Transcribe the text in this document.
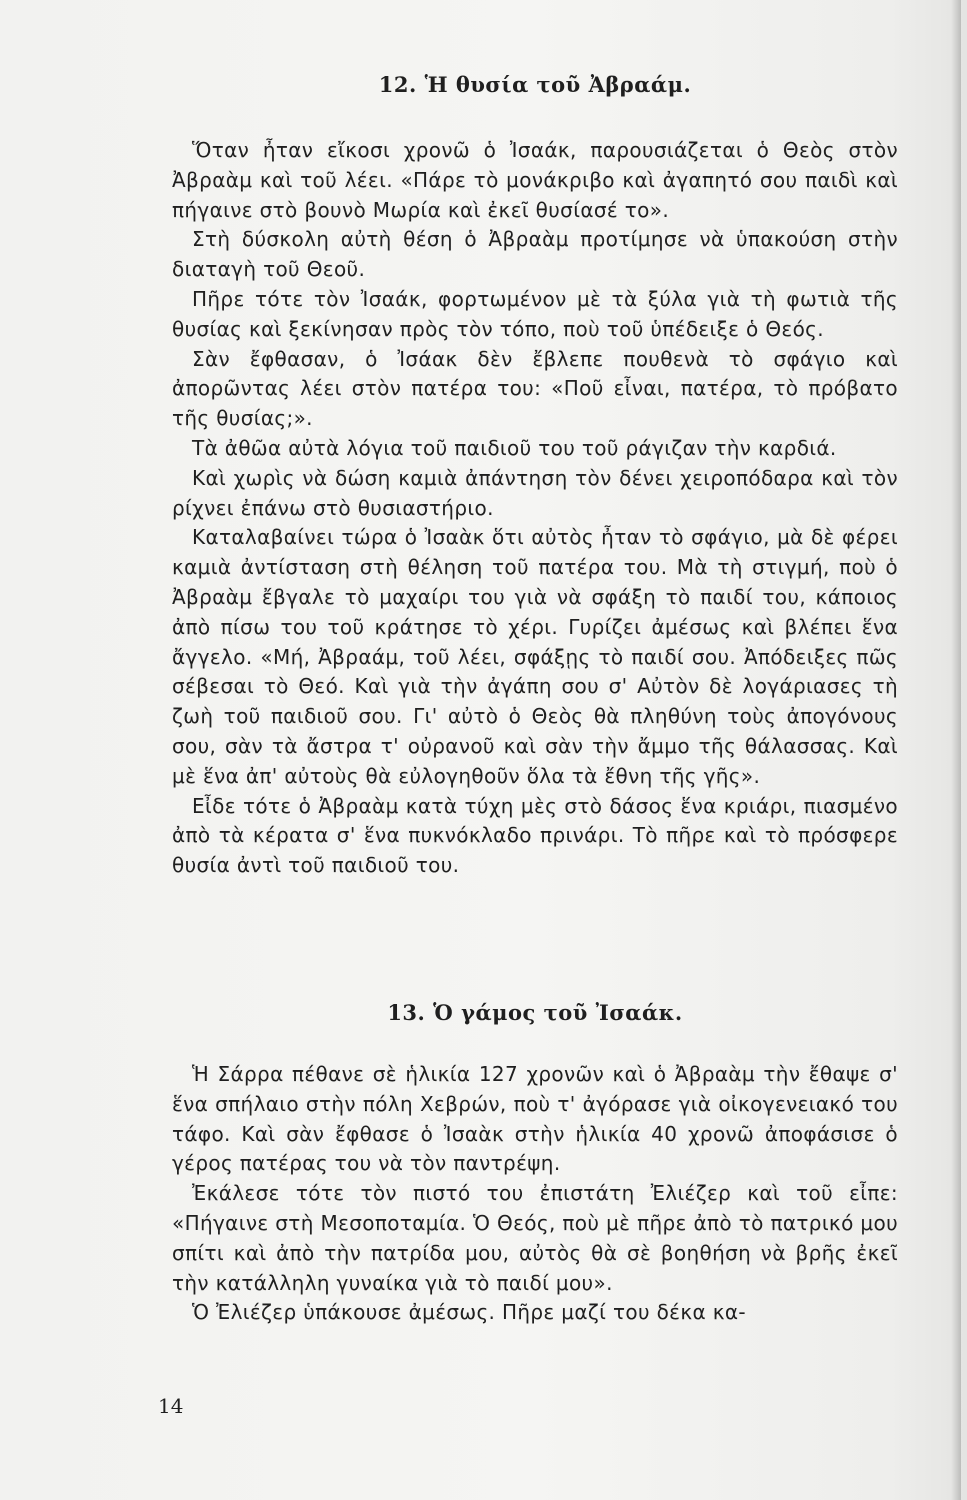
12. Ἡ θυσία τοῦ Ἀβραάμ.

Ὅταν ἦταν εἴκοσι χρονῶ ὁ Ἰσαάκ, παρουσιάζεται ὁ Θεὸς στὸν Ἀβραὰμ καὶ τοῦ λέει. «Πάρε τὸ μονάκριβο καὶ ἀγαπητό σου παιδὶ καὶ πήγαινε στὸ βουνὸ Μωρία καὶ ἐκεῖ θυσίασέ το».

Στὴ δύσκολη αὐτὴ θέση ὁ Ἀβραὰμ προτίμησε νὰ ὑπακούση στὴν διαταγὴ τοῦ Θεοῦ.

Πῆρε τότε τὸν Ἰσαάκ, φορτωμένον μὲ τὰ ξύλα γιὰ τὴ φωτιὰ τῆς θυσίας καὶ ξεκίνησαν πρὸς τὸν τόπο, ποὺ τοῦ ὑπέδειξε ὁ Θεός.

Σὰν ἔφθασαν, ὁ Ἰσάακ δὲν ἔβλεπε πουθενὰ τὸ σφάγιο καὶ ἀπορῶντας λέει στὸν πατέρα του: «Ποῦ εἶναι, πατέρα, τὸ πρόβατο τῆς θυσίας;».

Τὰ ἀθῶα αὐτὰ λόγια τοῦ παιδιοῦ του τοῦ ράγιζαν τὴν καρδιά.

Καὶ χωρὶς νὰ δώση καμιὰ ἀπάντηση τὸν δένει χειροπόδαρα καὶ τὸν ρίχνει ἐπάνω στὸ θυσιαστήριο.

Καταλαβαίνει τώρα ὁ Ἰσαὰκ ὅτι αὐτὸς ἦταν τὸ σφάγιο, μὰ δὲ φέρει καμιὰ ἀντίσταση στὴ θέληση τοῦ πατέρα του. Μὰ τὴ στιγμή, ποὺ ὁ Ἀβραὰμ ἔβγαλε τὸ μαχαίρι του γιὰ νὰ σφάξη τὸ παιδί του, κάποιος ἀπὸ πίσω του τοῦ κράτησε τὸ χέρι. Γυρίζει ἀμέσως καὶ βλέπει ἕνα ἄγγελο. «Μή, Ἀβραάμ, τοῦ λέει, σφάξῃς τὸ παιδί σου. Ἀπόδειξες πῶς σέβεσαι τὸ Θεό. Καὶ γιὰ τὴν ἀγάπη σου σ' Αὐτὸν δὲ λογάριασες τὴ ζωὴ τοῦ παιδιοῦ σου. Γι' αὐτὸ ὁ Θεὸς θὰ πληθύνη τοὺς ἀπογόνους σου, σὰν τὰ ἄστρα τ' οὐρανοῦ καὶ σὰν τὴν ἄμμο τῆς θάλασσας. Καὶ μὲ ἕνα ἀπ' αὐτοὺς θὰ εὐλογηθοῦν ὅλα τὰ ἔθνη τῆς γῆς».

Εἶδε τότε ὁ Ἀβραὰμ κατὰ τύχη μὲς στὸ δάσος ἕνα κριάρι, πιασμένο ἀπὸ τὰ κέρατα σ' ἕνα πυκνόκλαδο πρινάρι. Τὸ πῆρε καὶ τὸ πρόσφερε θυσία ἀντὶ τοῦ παιδιοῦ του.

13. Ὁ γάμος τοῦ Ἰσαάκ.

Ἡ Σάρρα πέθανε σὲ ἡλικία 127 χρονῶν καὶ ὁ Ἀβραὰμ τὴν ἔθαψε σ' ἕνα σπήλαιο στὴν πόλη Χεβρών, ποὺ τ' ἀγόρασε γιὰ οἰκογενειακό του τάφο. Καὶ σὰν ἔφθασε ὁ Ἰσαὰκ στὴν ἡλικία 40 χρονῶ ἀποφάσισε ὁ γέρος πατέρας του νὰ τὸν παντρέψη.

Ἐκάλεσε τότε τὸν πιστό του ἐπιστάτη Ἐλιέζερ καὶ τοῦ εἶπε: «Πήγαινε στὴ Μεσοποταμία. Ὁ Θεός, ποὺ μὲ πῆρε ἀπὸ τὸ πατρικό μου σπίτι καὶ ἀπὸ τὴν πατρίδα μου, αὐτὸς θὰ σὲ βοηθήση νὰ βρῆς ἐκεῖ τὴν κατάλληλη γυναίκα γιὰ τὸ παιδί μου».

Ὁ Ἐλιέζερ ὑπάκουσε ἀμέσως. Πῆρε μαζί του δέκα κα-

14
